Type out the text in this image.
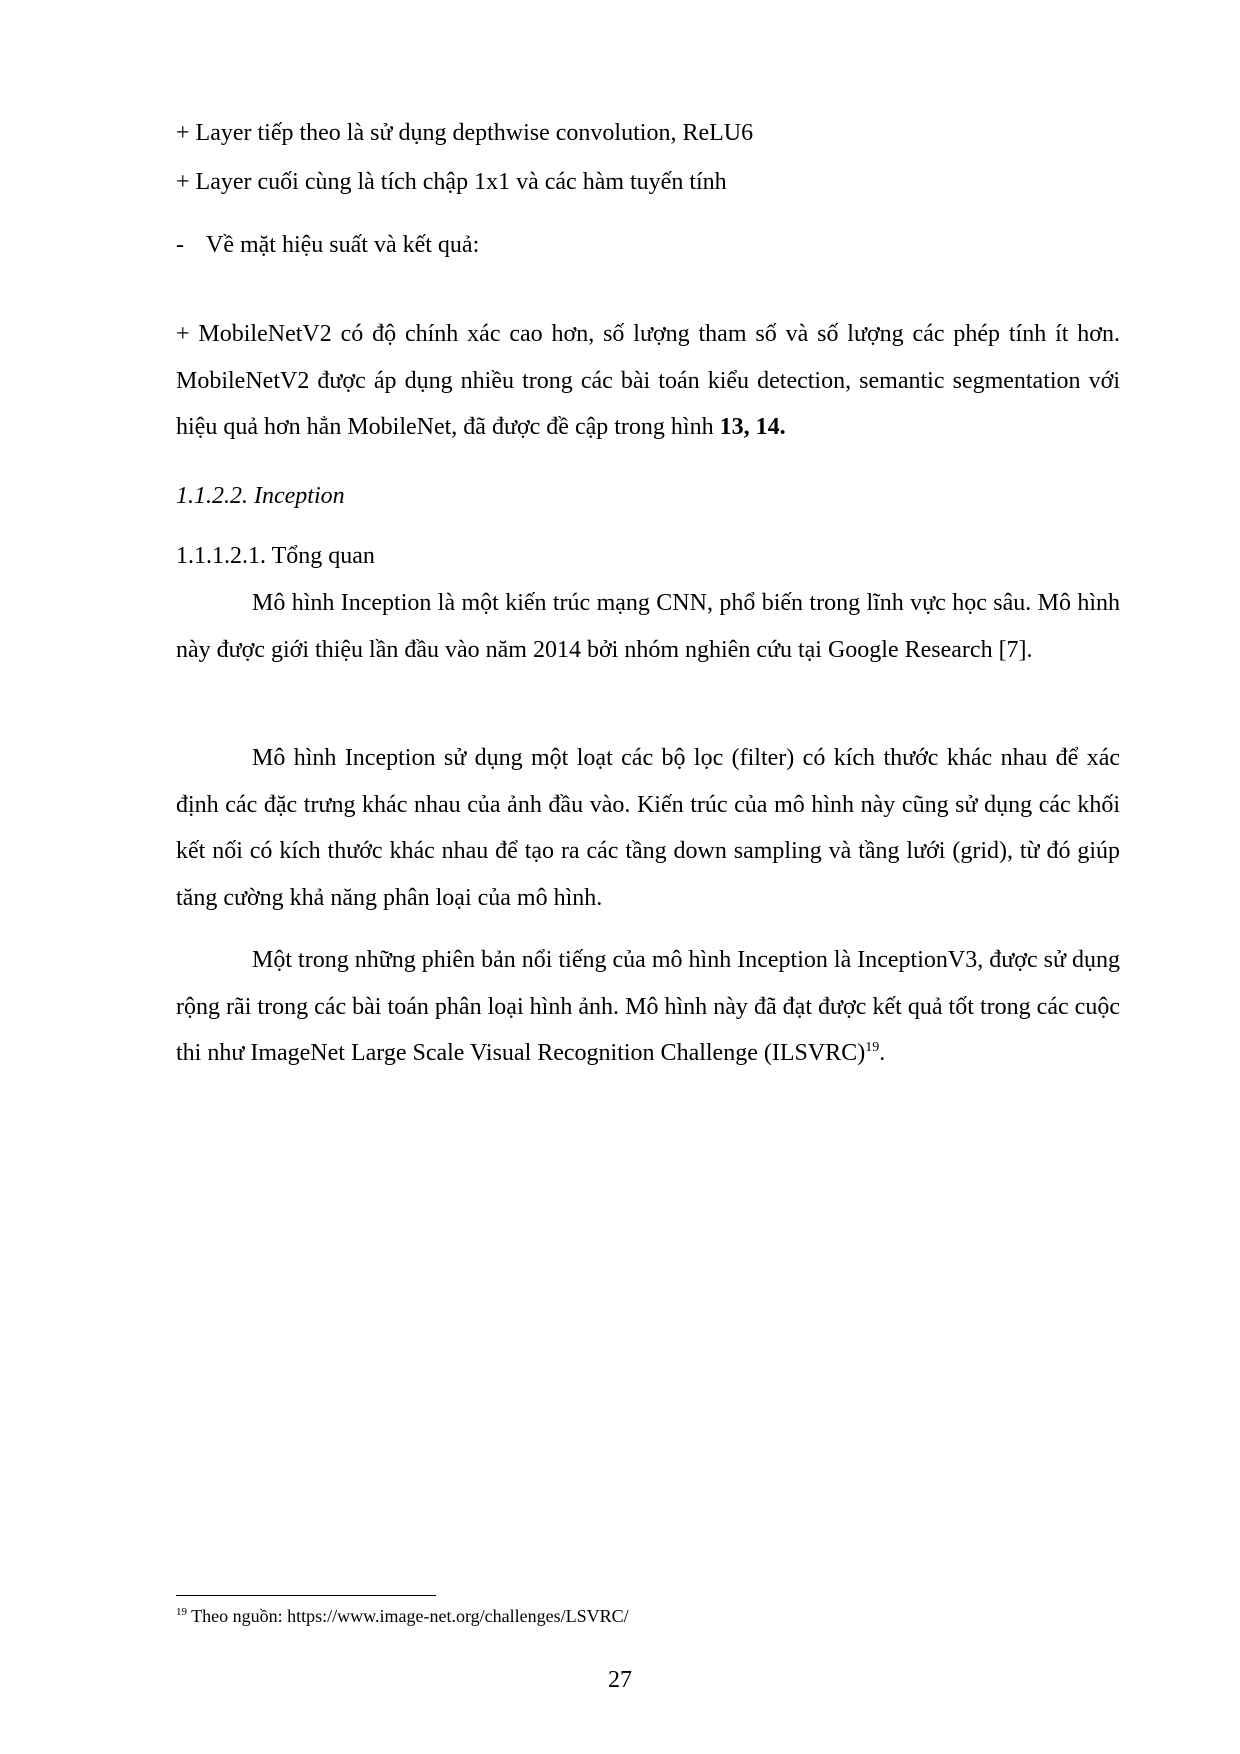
+ Layer tiếp theo là sử dụng depthwise convolution, ReLU6
+ Layer cuối cùng là tích chập 1x1 và các hàm tuyến tính
- Về mặt hiệu suất và kết quả:
+ MobileNetV2 có độ chính xác cao hơn, số lượng tham số và số lượng các phép tính ít hơn. MobileNetV2 được áp dụng nhiều trong các bài toán kiểu detection, semantic segmentation với hiệu quả hơn hẳn MobileNet, đã được đề cập trong hình 13, 14.
1.1.2.2. Inception
1.1.1.2.1. Tổng quan
Mô hình Inception là một kiến trúc mạng CNN, phổ biến trong lĩnh vực học sâu. Mô hình này được giới thiệu lần đầu vào năm 2014 bởi nhóm nghiên cứu tại Google Research [7].
Mô hình Inception sử dụng một loạt các bộ lọc (filter) có kích thước khác nhau để xác định các đặc trưng khác nhau của ảnh đầu vào. Kiến trúc của mô hình này cũng sử dụng các khối kết nối có kích thước khác nhau để tạo ra các tầng down sampling và tầng lưới (grid), từ đó giúp tăng cường khả năng phân loại của mô hình.
Một trong những phiên bản nổi tiếng của mô hình Inception là InceptionV3, được sử dụng rộng rãi trong các bài toán phân loại hình ảnh. Mô hình này đã đạt được kết quả tốt trong các cuộc thi như ImageNet Large Scale Visual Recognition Challenge (ILSVRC)$^{19}$.
$^{19}$ Theo nguồn: https://www.image-net.org/challenges/LSVRC/
27
